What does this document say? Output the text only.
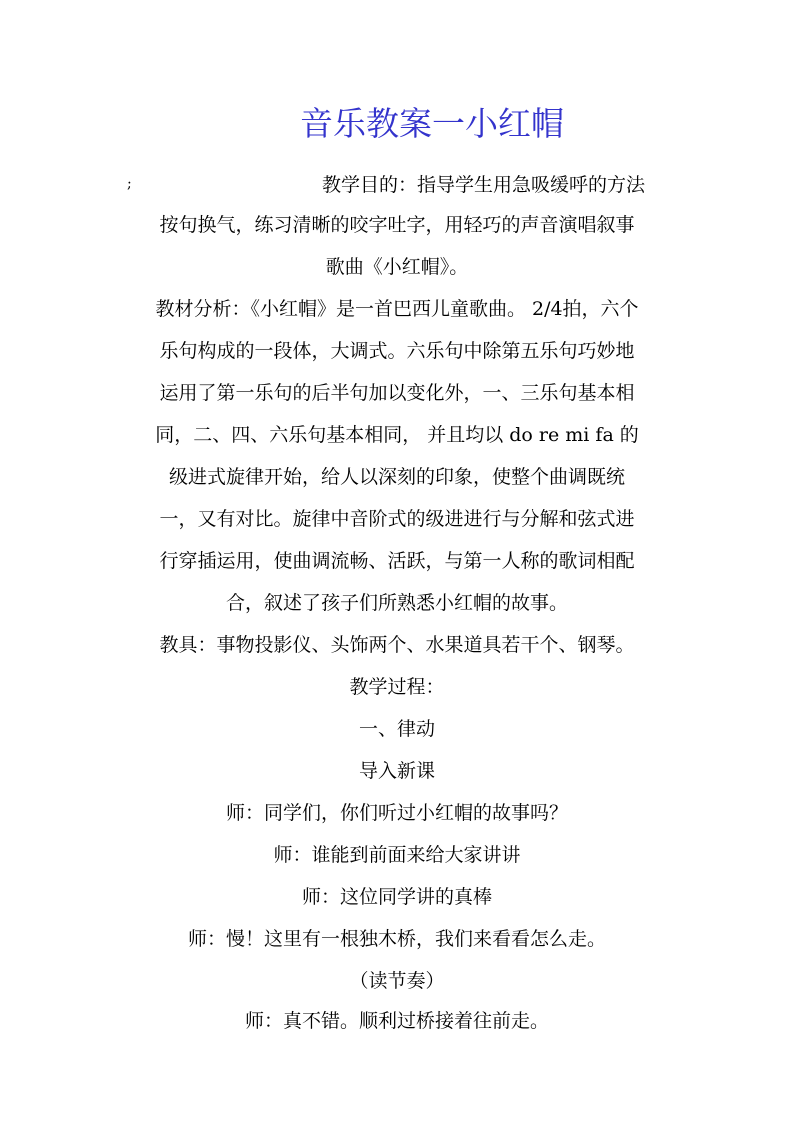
音乐教案一小红帽
;	教学目的：指导学生用急吸缓呼的方法
按句换气，练习清晰的咬字吐字，用轻巧的声音演唱叙事
歌曲《小红帽》。
教材分析：《小红帽》是一首巴西儿童歌曲。 2/4拍，六个
乐句构成的一段体，大调式。六乐句中除第五乐句巧妙地
运用了第一乐句的后半句加以变化外，一、三乐句基本相
同，二、四、六乐句基本相同， 并且均以 do re mi fa 的
级进式旋律开始，给人以深刻的印象，使整个曲调既统
一，又有对比。旋律中音阶式的级进进行与分解和弦式进
行穿插运用，使曲调流畅、活跃，与第一人称的歌词相配
合，叙述了孩子们所熟悉小红帽的故事。
教具：事物投影仪、头饰两个、水果道具若干个、钢琴。
教学过程：
一、律动
导入新课
师：同学们，你们听过小红帽的故事吗？
师：谁能到前面来给大家讲讲
师：这位同学讲的真棒
师：慢！这里有一根独木桥，我们来看看怎么走。
（读节奏）
师：真不错。顺利过桥接着往前走。
